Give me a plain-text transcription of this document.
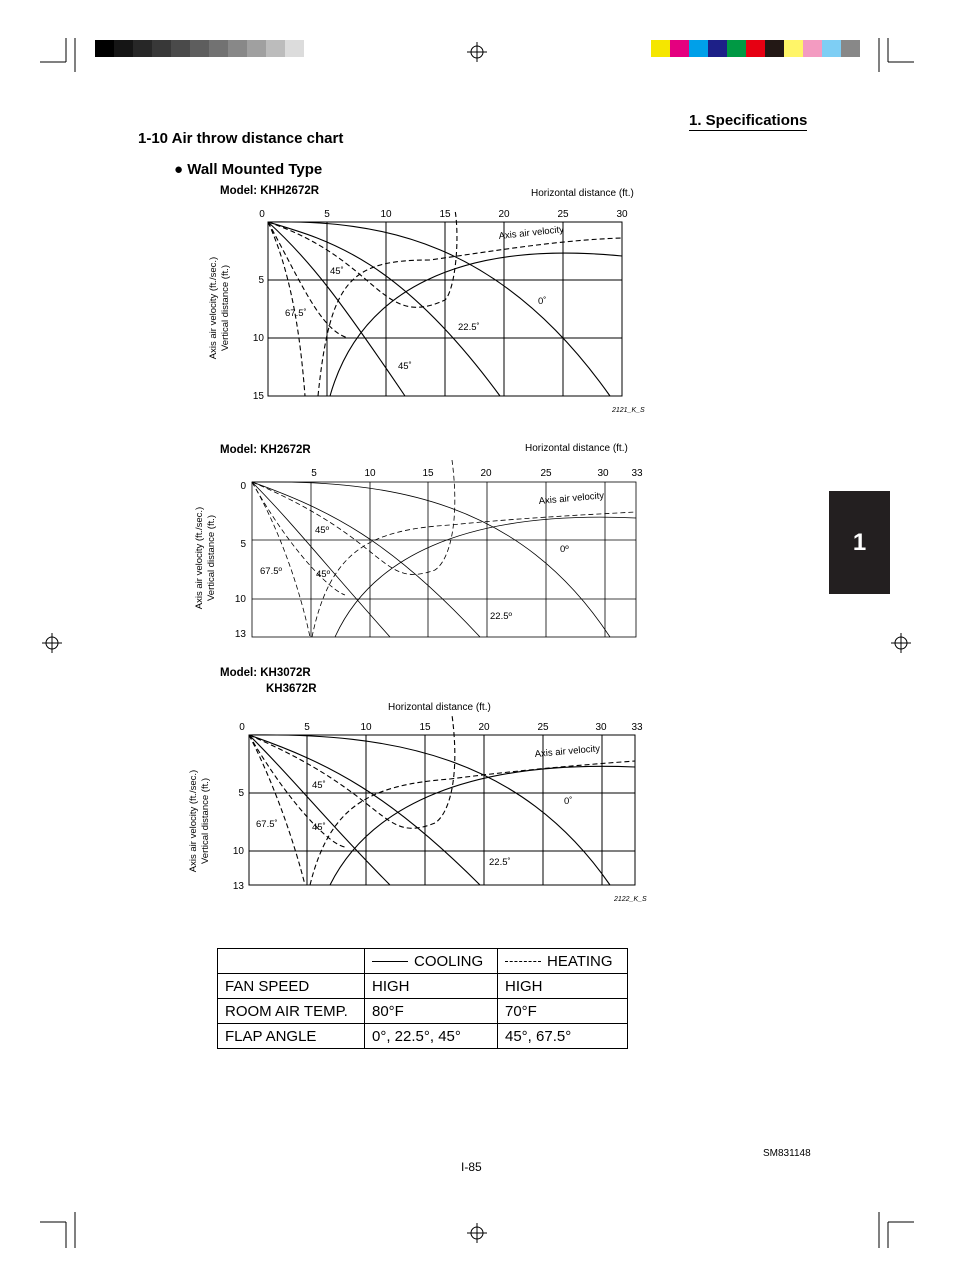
1. Specifications
1-10 Air throw distance chart
● Wall Mounted Type
1
Model: KHH2672R	Horizontal distance (ft.)
0	5	10	15	20	25	30
5
10
15
Axis air velocity (ft./sec.) Vertical distance (ft.)
Axis air velocity
45˚
67.5˚
22.5˚
0˚
45˚
2121_K_S
Model: KH2672R	Horizontal distance (ft.)
5	10	15	20	25	30 33
0
5
10
13
Axis air velocity (ft./sec.) Vertical distance (ft.)
Axis air velocity
45º
67.5º	45º
0º
22.5º
Model: KH3072R
KH3672R
Horizontal distance (ft.)
0	5	10	15	20	25	30 33
5
10
13
Axis air velocity (ft./sec.) Vertical distance (ft.)
Axis air velocity
45˚
67.5˚	45˚
0˚
22.5˚
2122_K_S
	COOLING	HEATING
FAN SPEED	HIGH	HIGH
ROOM AIR TEMP.	80°F	70°F
FLAP ANGLE	0°, 22.5°, 45°	45°, 67.5°
SM831148
I-85
